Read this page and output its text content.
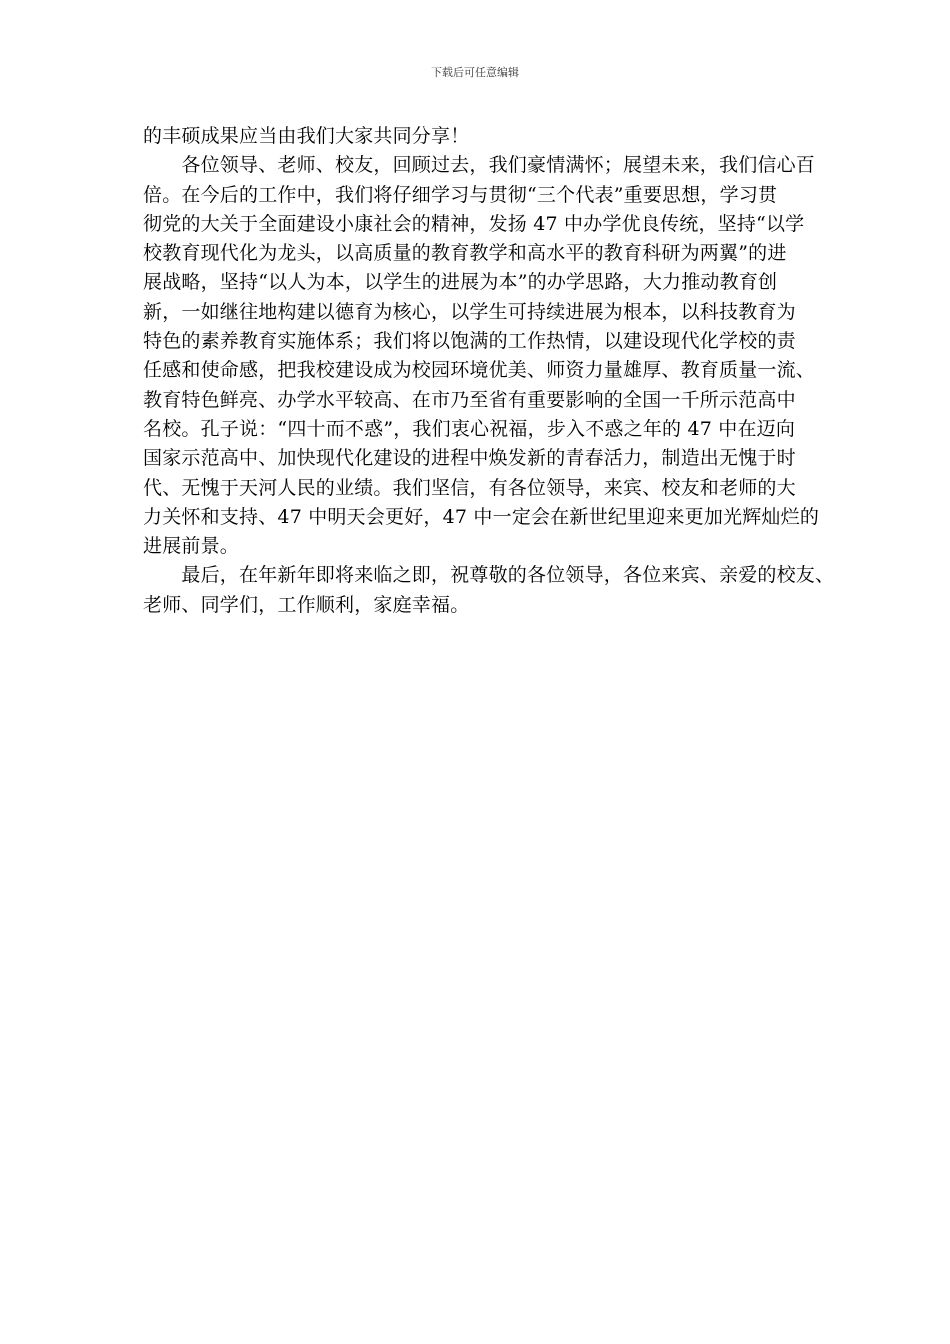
下载后可任意编辑
的丰硕成果应当由我们大家共同分享！
　　各位领导、老师、校友，回顾过去，我们豪情满怀；展望未来，我们信心百
倍。在今后的工作中，我们将仔细学习与贯彻“三个代表”重要思想，学习贯
彻党的大关于全面建设小康社会的精神，发扬 47 中办学优良传统，坚持“以学
校教育现代化为龙头，以高质量的教育教学和高水平的教育科研为两翼”的进
展战略，坚持“以人为本，以学生的进展为本”的办学思路，大力推动教育创
新，一如继往地构建以德育为核心，以学生可持续进展为根本，以科技教育为
特色的素养教育实施体系；我们将以饱满的工作热情，以建设现代化学校的责
任感和使命感，把我校建设成为校园环境优美、师资力量雄厚、教育质量一流、
教育特色鲜亮、办学水平较高、在市乃至省有重要影响的全国一千所示范高中
名校。孔子说：“四十而不惑”，我们衷心祝福，步入不惑之年的 47 中在迈向
国家示范高中、加快现代化建设的进程中焕发新的青春活力，制造出无愧于时
代、无愧于天河人民的业绩。我们坚信，有各位领导，来宾、校友和老师的大
力关怀和支持、47 中明天会更好，47 中一定会在新世纪里迎来更加光辉灿烂的
进展前景。
　　最后，在年新年即将来临之即，祝尊敬的各位领导，各位来宾、亲爱的校友、
老师、同学们，工作顺利，家庭幸福。
